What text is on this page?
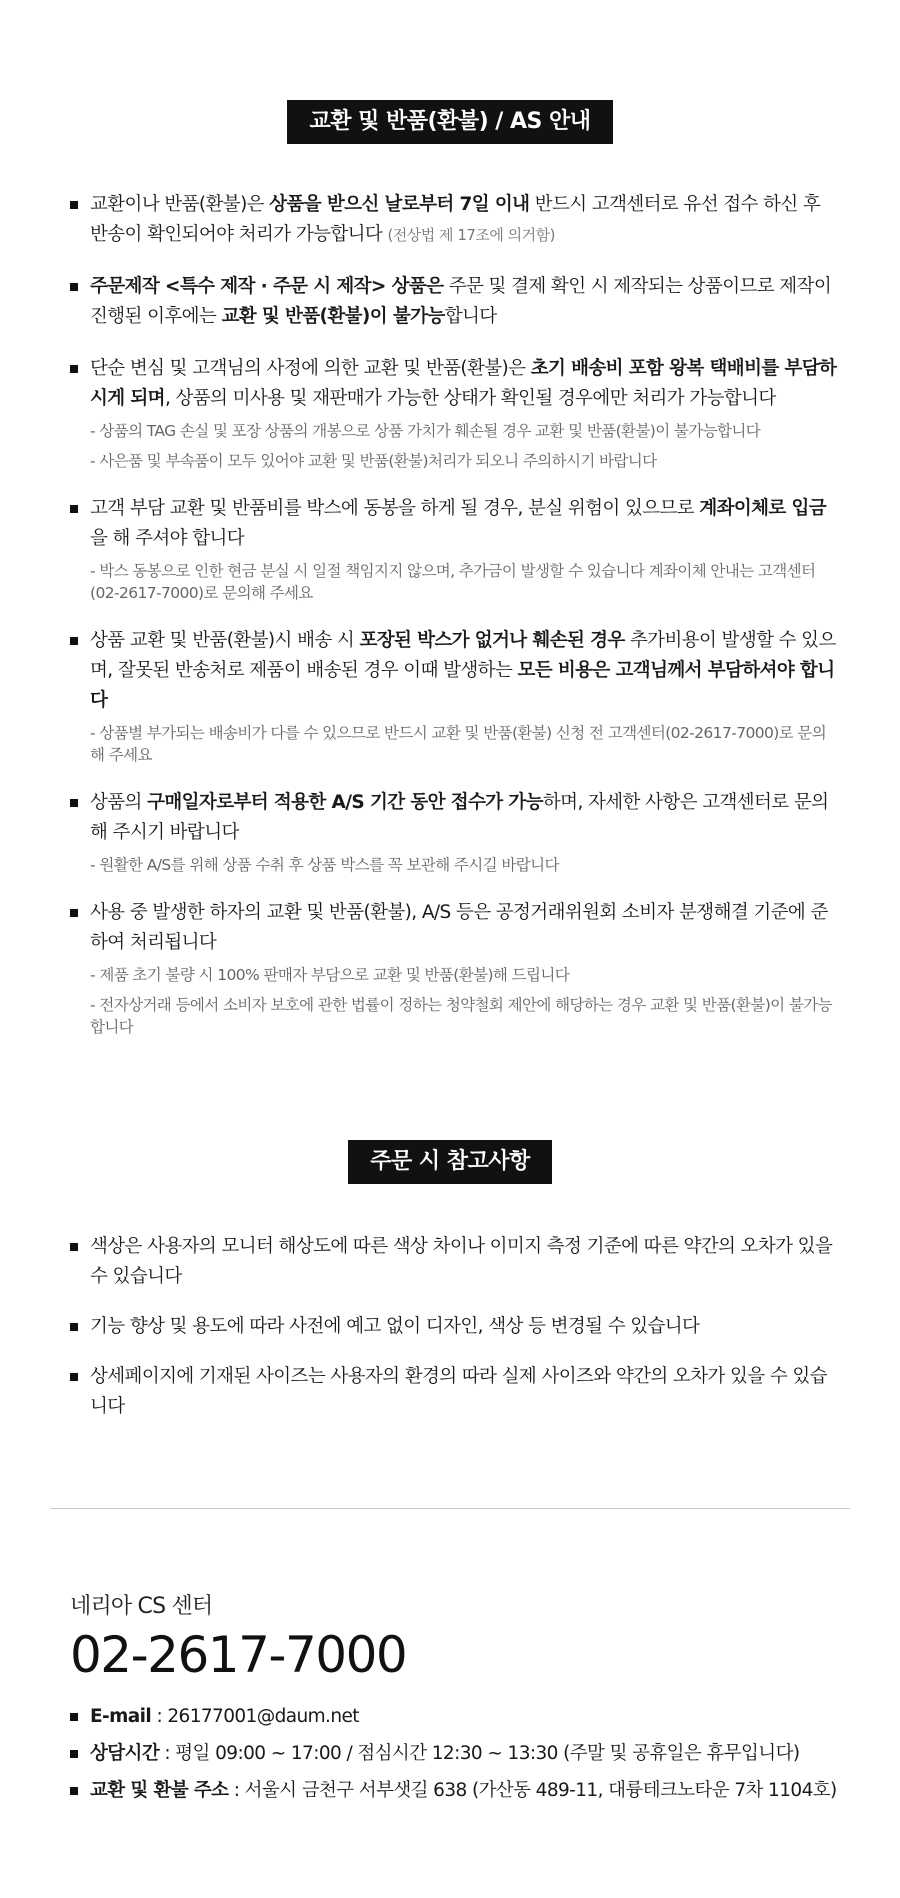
교환 및 반품(환불) / AS 안내
교환이나 반품(환불)은 상품을 받으신 날로부터 7일 이내 반드시 고객센터로 유선 접수 하신 후 반송이 확인되어야 처리가 가능합니다 (전상법 제 17조에 의거함)
주문제작 <특수 제작 · 주문 시 제작> 상품은 주문 및 결제 확인 시 제작되는 상품이므로 제작이 진행된 이후에는 교환 및 반품(환불)이 불가능합니다
단순 변심 및 고객님의 사정에 의한 교환 및 반품(환불)은 초기 배송비 포함 왕복 택배비를 부담하시게 되며, 상품의 미사용 및 재판매가 가능한 상태가 확인될 경우에만 처리가 가능합니다
- 상품의 TAG 손실 및 포장 상품의 개봉으로 상품 가치가 훼손될 경우 교환 및 반품(환불)이 불가능합니다
- 사은품 및 부속품이 모두 있어야 교환 및 반품(환불)처리가 되오니 주의하시기 바랍니다
고객 부담 교환 및 반품비를 박스에 동봉을 하게 될 경우, 분실 위험이 있으므로 계좌이체로 입금을 해 주셔야 합니다
- 박스 동봉으로 인한 현금 분실 시 일절 책임지지 않으며, 추가금이 발생할 수 있습니다 계좌이체 안내는 고객센터(02-2617-7000)로 문의해 주세요
상품 교환 및 반품(환불)시 배송 시 포장된 박스가 없거나 훼손된 경우 추가비용이 발생할 수 있으며, 잘못된 반송처로 제품이 배송된 경우 이때 발생하는 모든 비용은 고객님께서 부담하셔야 합니다
- 상품별 부가되는 배송비가 다를 수 있으므로 반드시 교환 및 반품(환불) 신청 전 고객센터(02-2617-7000)로 문의해 주세요
상품의 구매일자로부터 적용한 A/S 기간 동안 접수가 가능하며, 자세한 사항은 고객센터로 문의해 주시기 바랍니다
- 원활한 A/S를 위해 상품 수취 후 상품 박스를 꼭 보관해 주시길 바랍니다
사용 중 발생한 하자의 교환 및 반품(환불), A/S 등은 공정거래위원회 소비자 분쟁해결 기준에 준하여 처리됩니다
- 제품 초기 불량 시 100% 판매자 부담으로 교환 및 반품(환불)해 드립니다
- 전자상거래 등에서 소비자 보호에 관한 법률이 정하는 청약철회 제안에 해당하는 경우 교환 및 반품(환불)이 불가능합니다
주문 시 참고사항
색상은 사용자의 모니터 해상도에 따른 색상 차이나 이미지 측정 기준에 따른 약간의 오차가 있을 수 있습니다
기능 향상 및 용도에 따라 사전에 예고 없이 디자인, 색상 등 변경될 수 있습니다
상세페이지에 기재된 사이즈는 사용자의 환경의 따라 실제 사이즈와 약간의 오차가 있을 수 있습니다
네리아 CS 센터
02-2617-7000
E-mail : 26177001@daum.net
상담시간 : 평일 09:00 ~ 17:00 / 점심시간 12:30 ~ 13:30 (주말 및 공휴일은 휴무입니다)
교환 및 환불 주소 : 서울시 금천구 서부샛길 638 (가산동 489-11, 대륭테크노타운 7차 1104호)
